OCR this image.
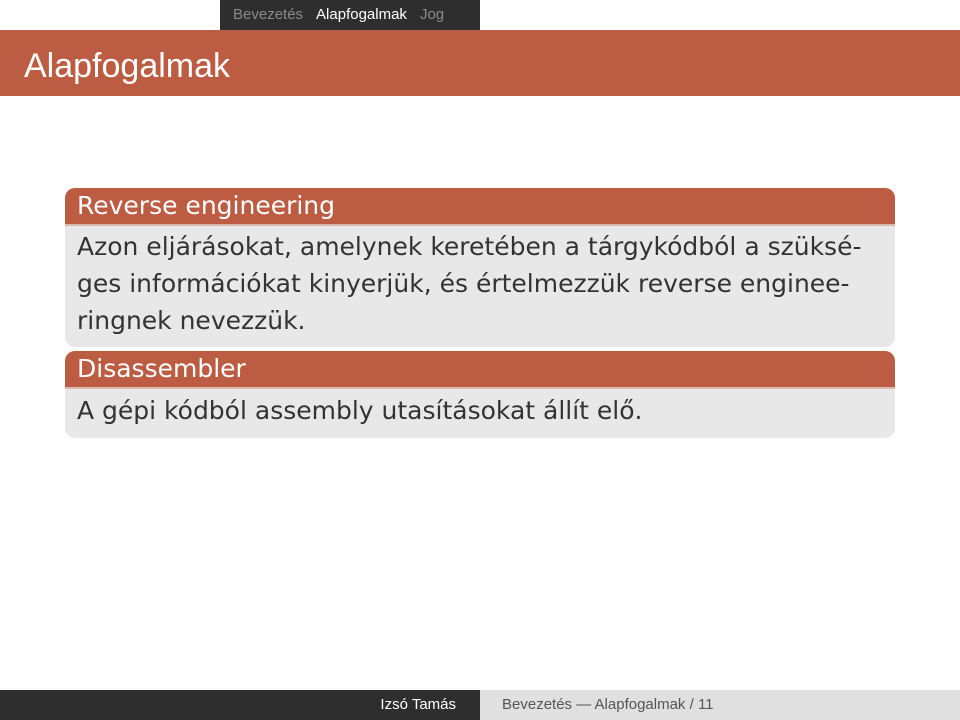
Bevezetés Alapfogalmak Jog
Alapfogalmak
Reverse engineering
Azon eljárásokat, amelynek keretében a tárgykódból a szüksé-
ges információkat kinyerjük, és értelmezzük reverse enginee-
ringnek nevezzük.
Disassembler
A gépi kódból assembly utasításokat állít elő.
Izsó Tamás	Bevezetés — Alapfogalmak / 11
